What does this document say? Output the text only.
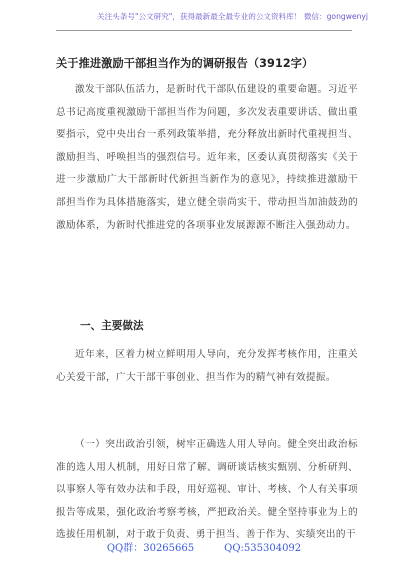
关注头条号"公文研究"，获得最新最全最专业的公文资料库！ 微信：gongwenyj
关于推进激励干部担当作为的调研报告（3912字）

激发干部队伍活力，是新时代干部队伍建设的重要命题。习近平总书记高度重视激励干部担当作为问题，多次发表重要讲话、做出重要指示，党中央出台一系列政策举措，充分释放出新时代重视担当、激励担当、呼唤担当的强烈信号。近年来，区委认真贯彻落实《关于进一步激励广大干部新时代新担当新作为的意见》，持续推进激励干部担当作为具体措施落实，建立健全崇尚实干、带动担当加油鼓劲的激励体系，为新时代推进党的各项事业发展源源不断注入强劲动力。

一、主要做法

近年来，区着力树立鲜明用人导向，充分发挥考核作用，注重关心关爱干部，广大干部干事创业、担当作为的精气神有效提振。

（一）突出政治引领，树牢正确选人用人导向。健全突出政治标准的选人用人机制，用好日常了解、调研谈话核实甄别、分析研判、以事察人等有效办法和手段，用好巡视、审计、考核、个人有关事项报告等成果，强化政治考察考核，严把政治关。健全坚持事业为上的选拔任用机制，对于敢于负责、勇于担当、善于作为、实绩突出的干

QQ群：30265665	QQ:535304092
